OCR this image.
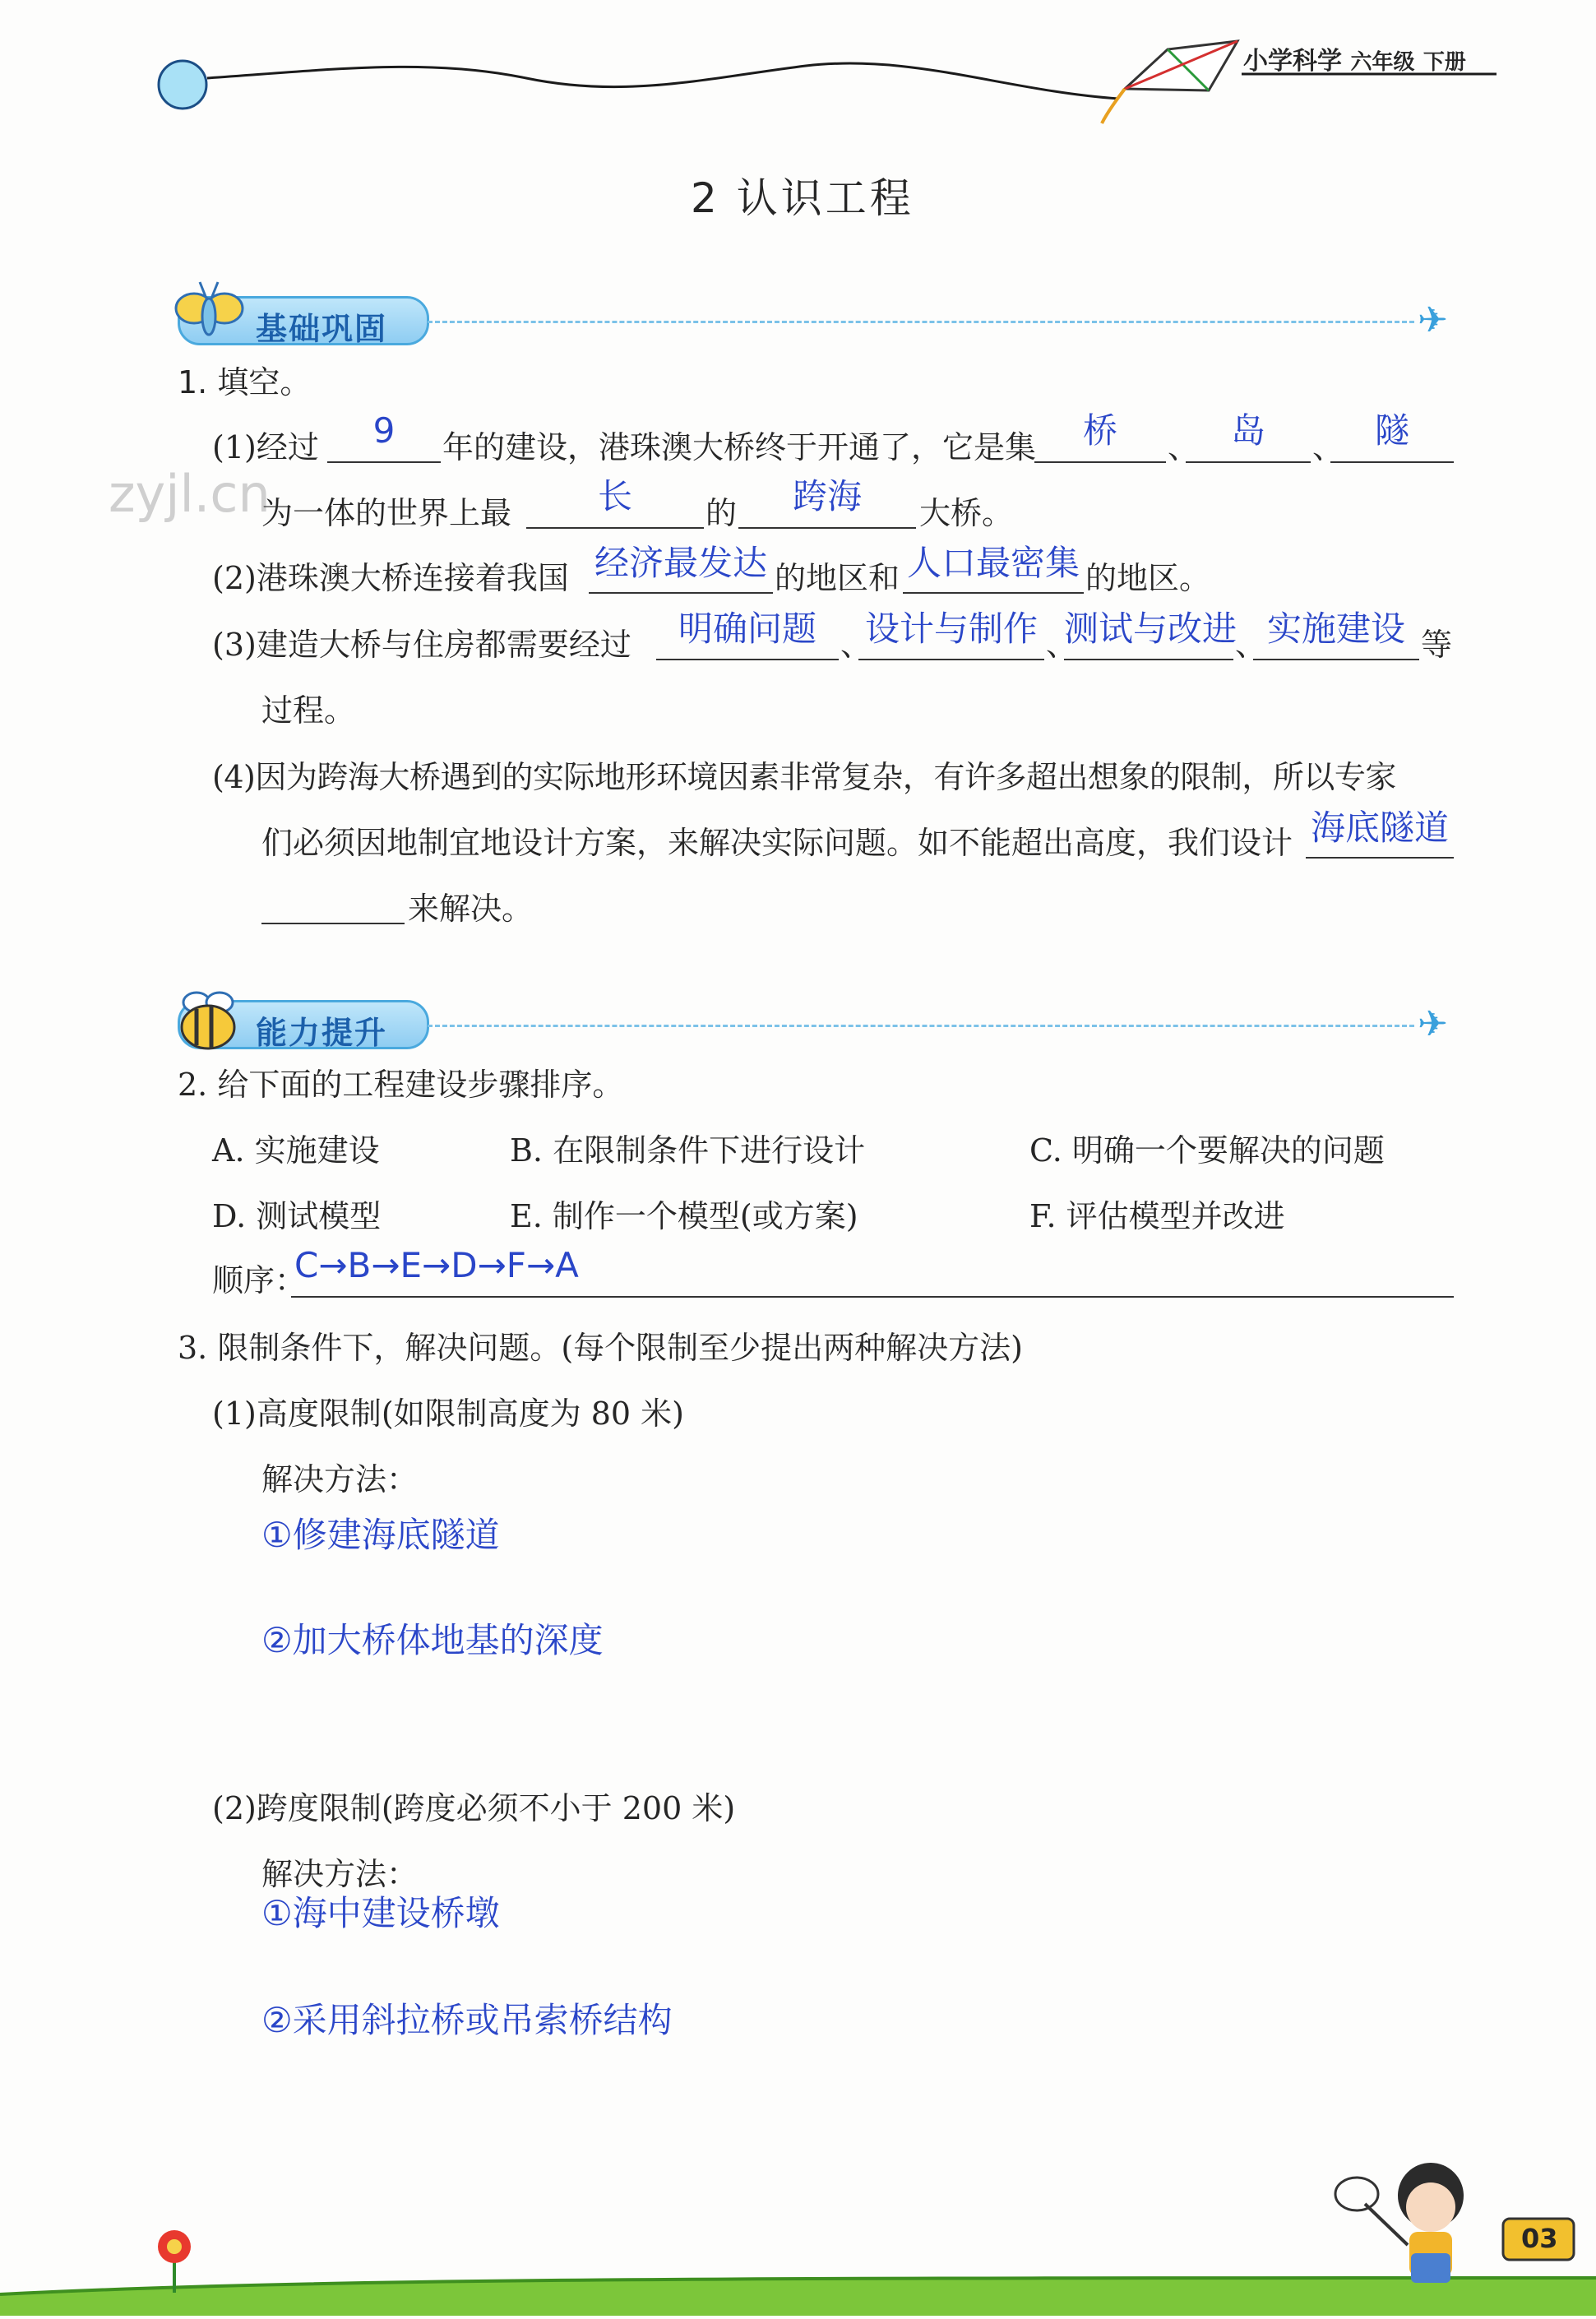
小学科学 六年级 下册
2 认识工程
zyjl.cn
基础巩固	✈
1. 填空。
(1)经过	9	年的建设，港珠澳大桥终于开通了，它是集	桥	、 岛	、 隧
为一体的世界上最	长	的	跨海	大桥。
(2)港珠澳大桥连接着我国 经济最发达 的地区和 人口最密集 的地区。
(3)建造大桥与住房都需要经过	明确问题 、
设计与制作 、
测试与改进
、 实施建设 等
过程。
(4)因为跨海大桥遇到的实际地形环境因素非常复杂，有许多超出想象的限制，所以专家
们必须因地制宜地设计方案，来解决实际问题。如不能超出高度，我们设计 海底隧道
来解决。
能力提升	✈
2. 给下面的工程建设步骤排序。
A. 实施建设	B. 在限制条件下进行设计	C. 明确一个要解决的问题
D. 测试模型	E. 制作一个模型(或方案)	F. 评估模型并改进
顺序：
C→B→E→D→F→A
3. 限制条件下，解决问题。(每个限制至少提出两种解决方法)
(1)高度限制(如限制高度为 80 米)
解决方法：
①修建海底隧道
②加大桥体地基的深度
(2)跨度限制(跨度必须不小于 200 米)
解决方法：
①海中建设桥墩
②采用斜拉桥或吊索桥结构
03
